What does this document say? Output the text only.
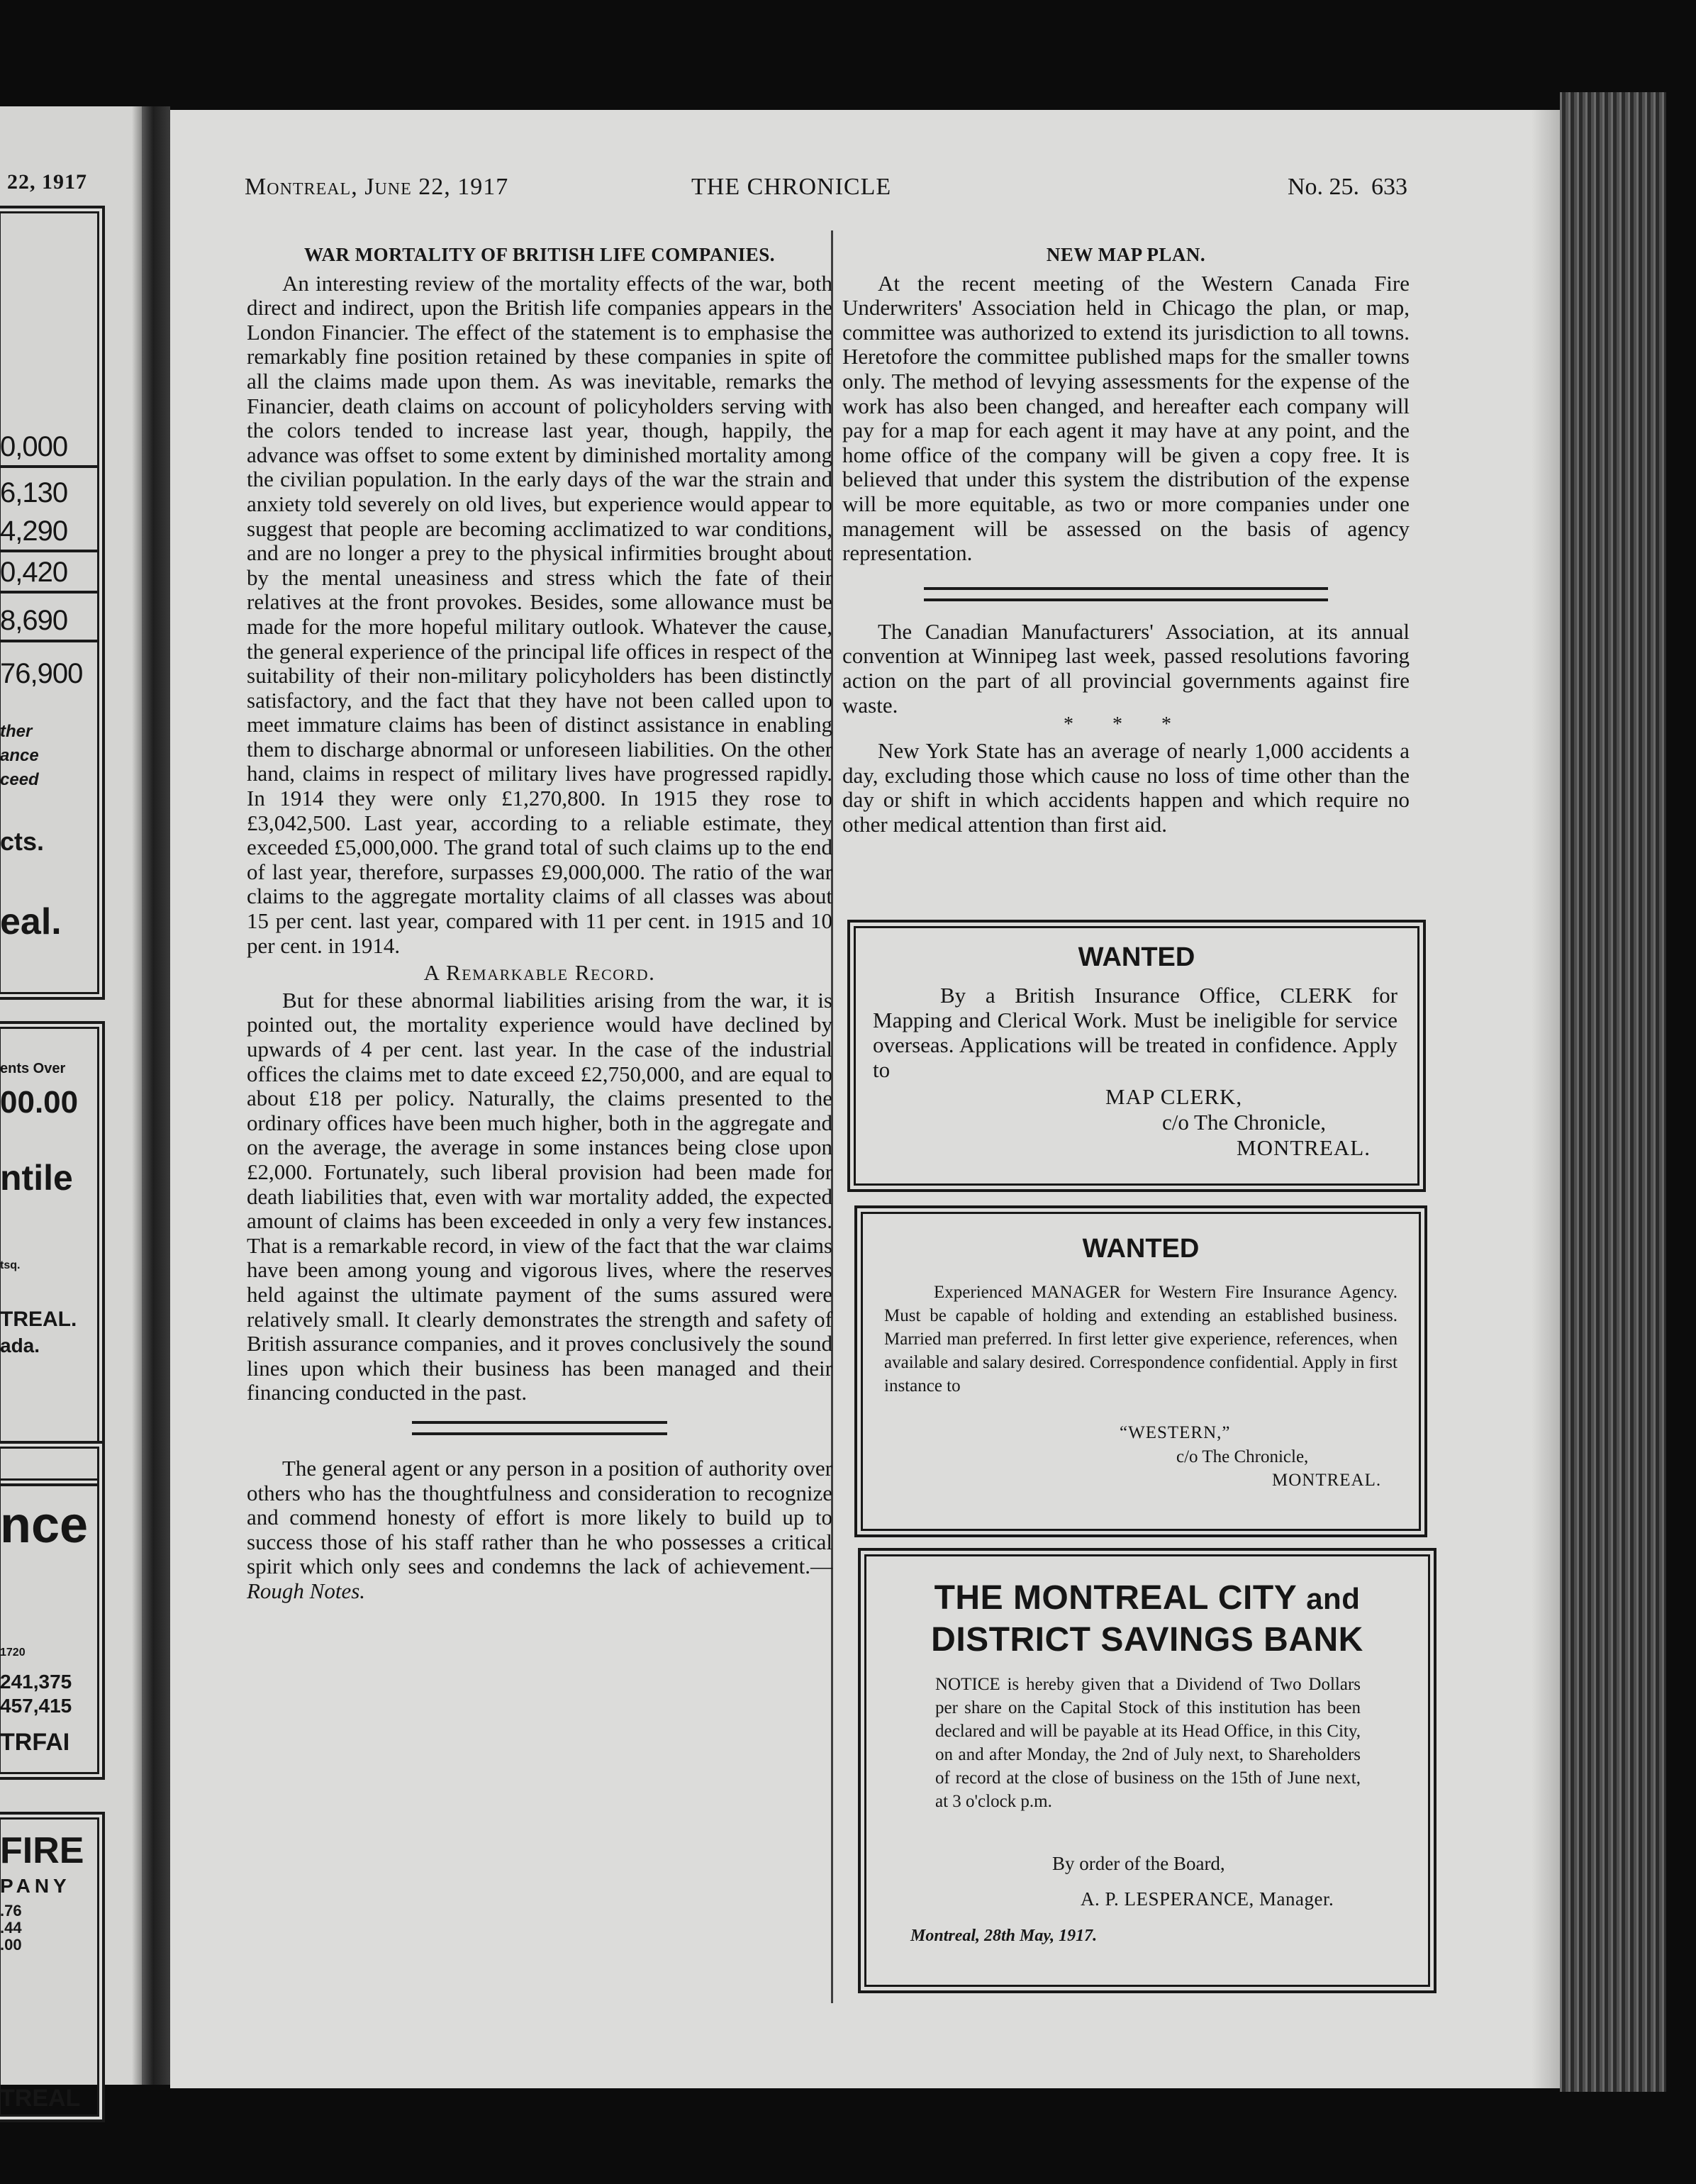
22, 1917
0,000
6,130
4,290
0,420
8,690
76,900
ther
ance
ceed
cts.
eal.
ents Over
00.00
ntile
tsq.
TREAL.
ada.
nce
1720
241,375
457,415
TRFAI
FIRE
PANY
.76
.44
.00
TREAL
Montreal, June 22, 1917	THE CHRONICLE	No. 25. 633
WAR MORTALITY OF BRITISH LIFE COMPANIES.

An interesting review of the mortality effects of the war, both direct and indirect, upon the British life companies appears in the London Financier. The effect of the statement is to emphasise the remarkably fine position retained by these companies in spite of all the claims made upon them. As was inevitable, remarks the Financier, death claims on account of policyholders serving with the colors tended to increase last year, though, happily, the advance was offset to some extent by diminished mortality among the civilian population. In the early days of the war the strain and anxiety told severely on old lives, but experience would appear to suggest that people are becoming acclimatized to war conditions, and are no longer a prey to the physical infirmities brought about by the mental uneasiness and stress which the fate of their relatives at the front provokes. Besides, some allowance must be made for the more hopeful military outlook. Whatever the cause, the general experience of the principal life offices in respect of the suitability of their non-military policyholders has been distinctly satisfactory, and the fact that they have not been called upon to meet immature claims has been of distinct assistance in enabling them to discharge abnormal or unforeseen liabilities. On the other hand, claims in respect of military lives have progressed rapidly. In 1914 they were only £1,270,800. In 1915 they rose to £3,042,500. Last year, according to a reliable estimate, they exceeded £5,000,000. The grand total of such claims up to the end of last year, therefore, surpasses £9,000,000. The ratio of the war claims to the aggregate mortality claims of all classes was about 15 per cent. last year, compared with 11 per cent. in 1915 and 10 per cent. in 1914.

A Remarkable Record.

But for these abnormal liabilities arising from the war, it is pointed out, the mortality experience would have declined by upwards of 4 per cent. last year. In the case of the industrial offices the claims met to date exceed £2,750,000, and are equal to about £18 per policy. Naturally, the claims presented to the ordinary offices have been much higher, both in the aggregate and on the average, the average in some instances being close upon £2,000. Fortunately, such liberal provision had been made for death liabilities that, even with war mortality added, the expected amount of claims has been exceeded in only a very few instances. That is a remarkable record, in view of the fact that the war claims have been among young and vigorous lives, where the reserves held against the ultimate payment of the sums assured were relatively small. It clearly demonstrates the strength and safety of British assurance companies, and it proves conclusively the sound lines upon which their business has been managed and their financing conducted in the past.

The general agent or any person in a position of authority over others who has the thoughtfulness and consideration to recognize and commend honesty of effort is more likely to build up to success those of his staff rather than he who possesses a critical spirit which only sees and condemns the lack of achievement.—Rough Notes.

NEW MAP PLAN.

At the recent meeting of the Western Canada Fire Underwriters' Association held in Chicago the plan, or map, committee was authorized to extend its jurisdiction to all towns. Heretofore the committee published maps for the smaller towns only. The method of levying assessments for the expense of the work has also been changed, and hereafter each company will pay for a map for each agent it may have at any point, and the home office of the company will be given a copy free. It is believed that under this system the distribution of the expense will be more equitable, as two or more companies under one management will be assessed on the basis of agency representation.

The Canadian Manufacturers' Association, at its annual convention at Winnipeg last week, passed resolutions favoring action on the part of all provincial governments against fire waste.

* * *

New York State has an average of nearly 1,000 accidents a day, excluding those which cause no loss of time other than the day or shift in which accidents happen and which require no other medical attention than first aid.

WANTED
By a British Insurance Office, CLERK for Mapping and Clerical Work. Must be ineligible for service overseas. Applications will be treated in confidence. Apply to
MAP CLERK,
c/o The Chronicle,
MONTREAL.
WANTED
Experienced MANAGER for Western Fire Insurance Agency. Must be capable of holding and extending an established business. Married man preferred. In first letter give experience, references, when available and salary desired. Correspondence confidential. Apply in first instance to
“WESTERN,”
c/o The Chronicle,
MONTREAL.
THE MONTREAL CITY and
DISTRICT SAVINGS BANK
NOTICE is hereby given that a Dividend of Two Dollars per share on the Capital Stock of this institution has been declared and will be payable at its Head Office, in this City, on and after Monday, the 2nd of July next, to Shareholders of record at the close of business on the 15th of June next, at 3 o'clock p.m.
By order of the Board,
A. P. LESPERANCE, Manager.
Montreal, 28th May, 1917.
